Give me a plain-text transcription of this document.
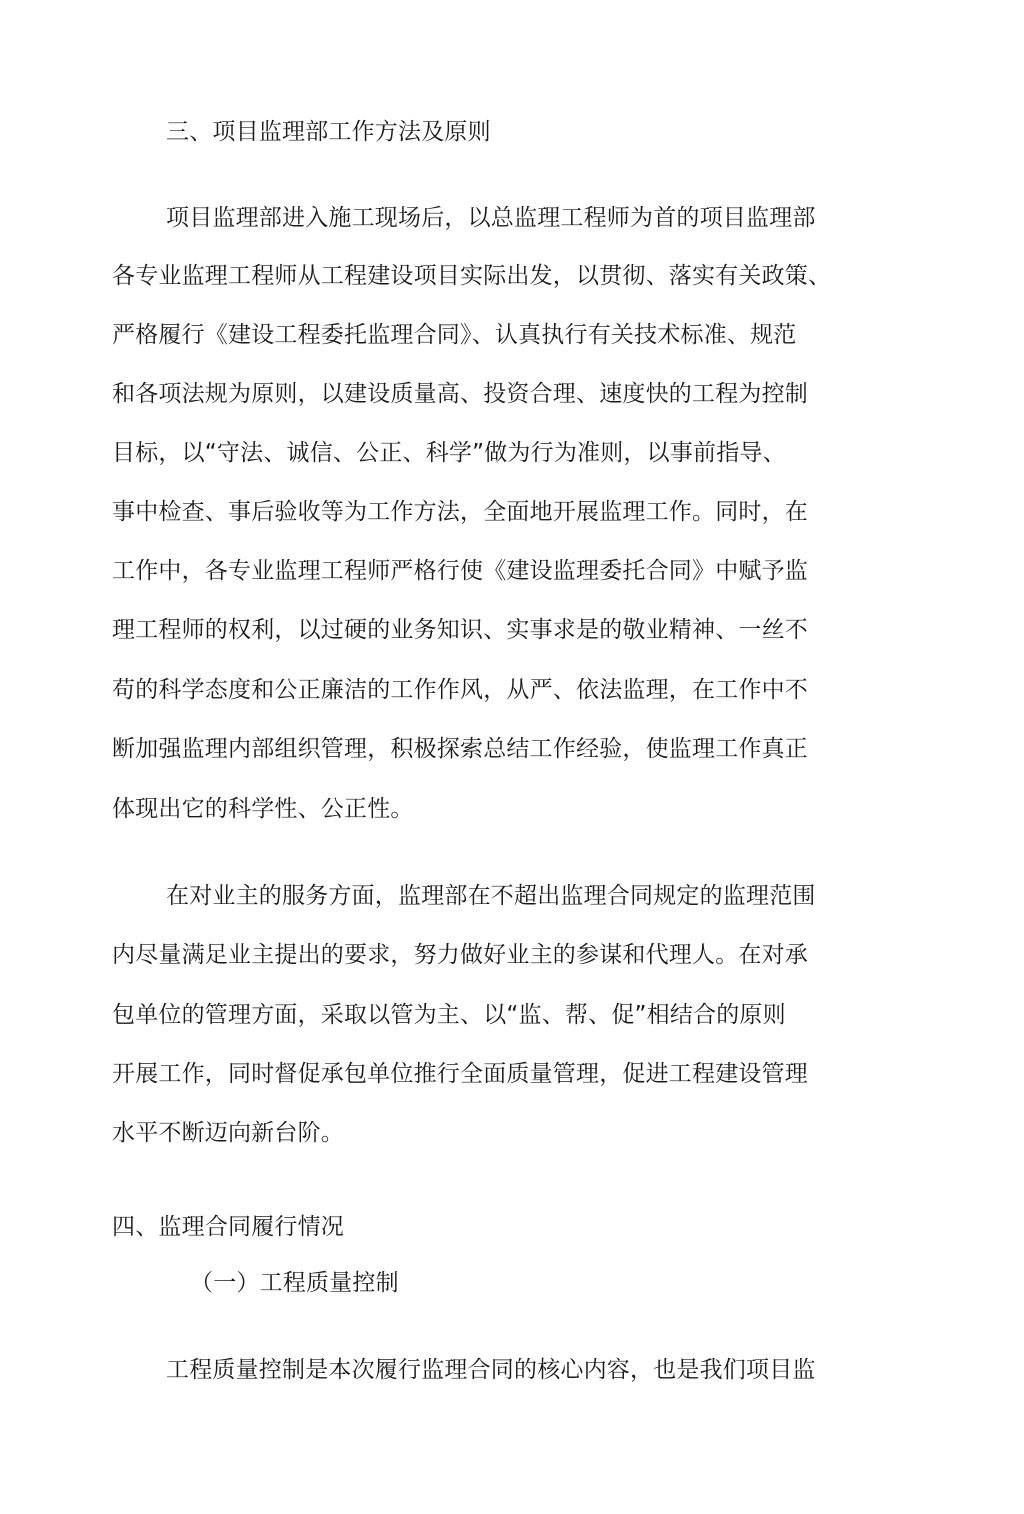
三、项目监理部工作方法及原则

项目监理部进入施工现场后，以总监理工程师为首的项目监理部

各专业监理工程师从工程建设项目实际出发，以贯彻、落实有关政策、

严格履行《建设工程委托监理合同》、认真执行有关技术标准、规范

和各项法规为原则，以建设质量高、投资合理、速度快的工程为控制

目标，以“守法、诚信、公正、科学”做为行为准则，以事前指导、

事中检查、事后验收等为工作方法，全面地开展监理工作。同时，在

工作中，各专业监理工程师严格行使《建设监理委托合同》中赋予监

理工程师的权利，以过硬的业务知识、实事求是的敬业精神、一丝不

苟的科学态度和公正廉洁的工作作风，从严、依法监理，在工作中不

断加强监理内部组织管理，积极探索总结工作经验，使监理工作真正

体现出它的科学性、公正性。

在对业主的服务方面，监理部在不超出监理合同规定的监理范围

内尽量满足业主提出的要求，努力做好业主的参谋和代理人。在对承

包单位的管理方面，采取以管为主、以“监、帮、促”相结合的原则

开展工作，同时督促承包单位推行全面质量管理，促进工程建设管理

水平不断迈向新台阶。

四、监理合同履行情况

（一）工程质量控制

工程质量控制是本次履行监理合同的核心内容，也是我们项目监
